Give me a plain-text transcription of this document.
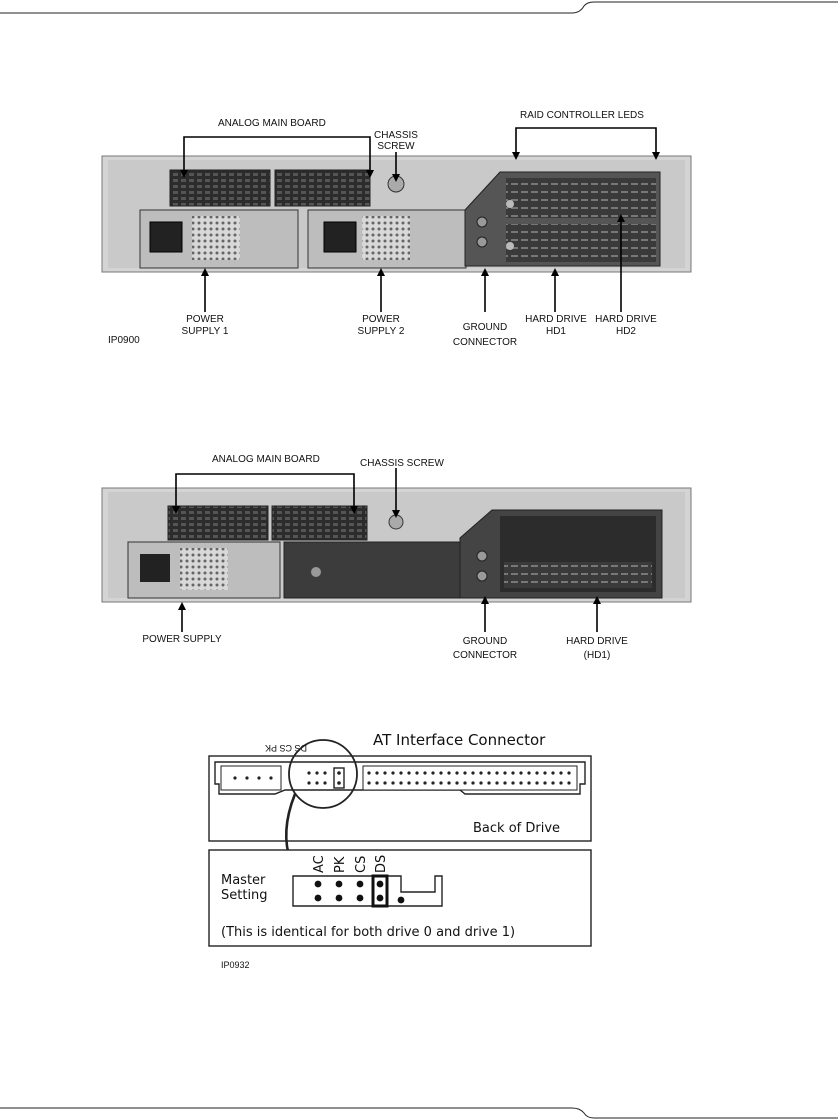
ANALOG MAIN BOARD
CHASSIS
SCREW
RAID CONTROLLER LEDS
POWER
SUPPLY 1
POWER
SUPPLY 2	GROUND
CONNECTOR
HARD DRIVE
HD1
HARD DRIVE
HD2
IP0900
ANALOG MAIN BOARD	CHASSIS SCREW
POWER SUPPLY	GROUND
CONNECTOR
HARD DRIVE
(HD1)
AT Interface Connector
DS CS PK
Back of Drive
Master
Setting
AC PK CS DS
(This is identical for both drive 0 and drive 1)
IP0932
